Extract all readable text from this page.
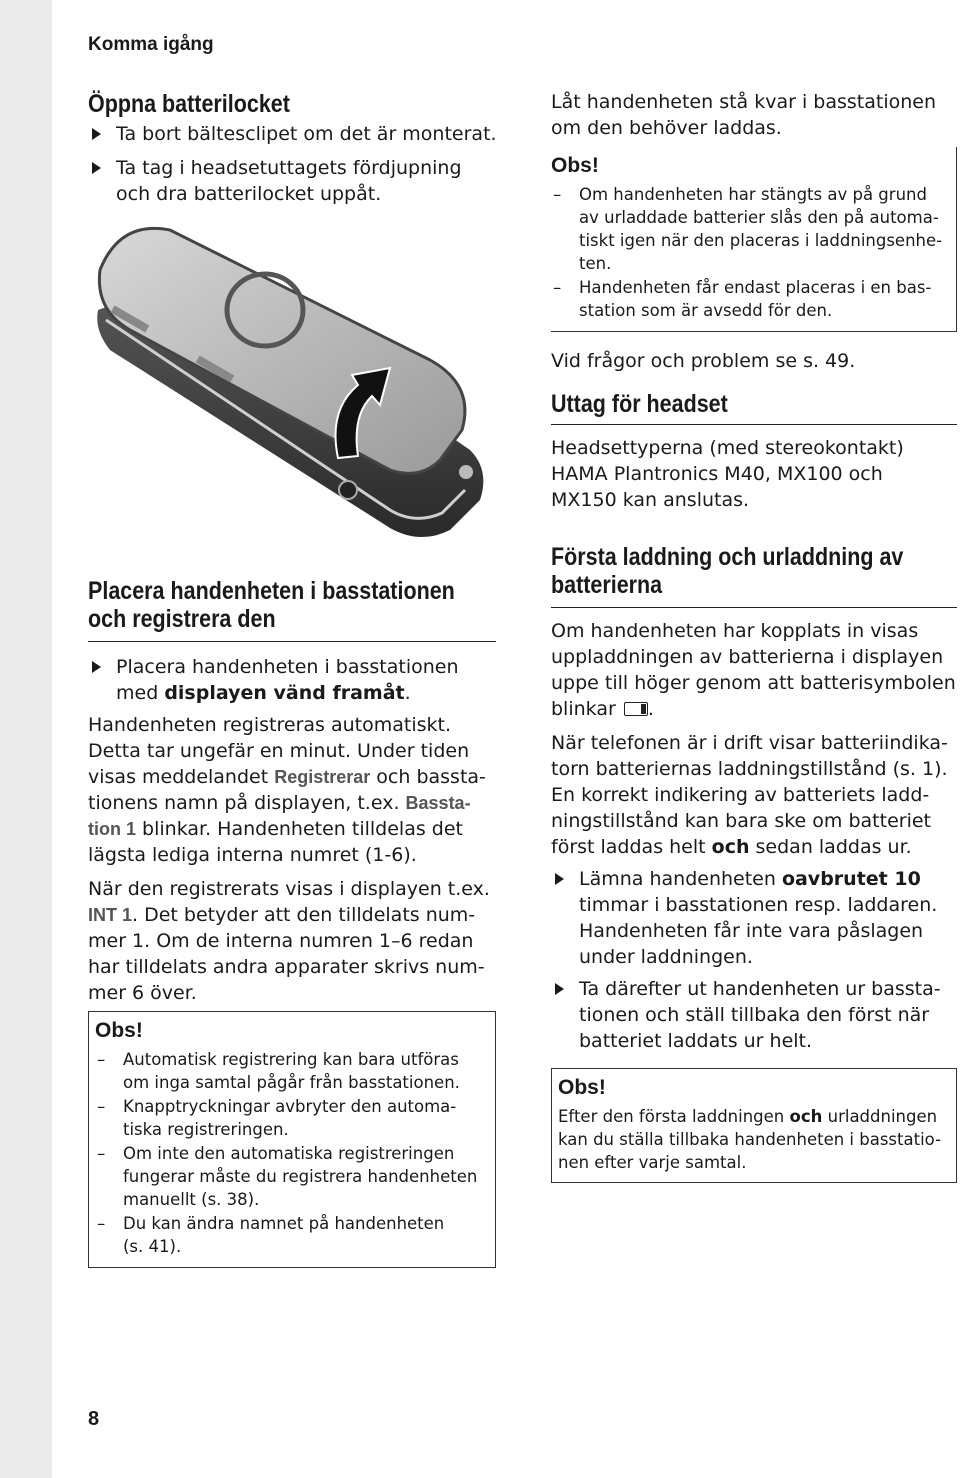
Komma igång
Öppna batterilocket
Ta bort bältesclipet om det är monterat.
Ta tag i headsetuttagets fördjupning
och dra batterilocket uppåt.
Placera handenheten i basstationen
och registrera den
Placera handenheten i basstationen
med displayen vänd framåt.
Handenheten registreras automatiskt.
Detta tar ungefär en minut. Under tiden
visas meddelandet Registrerar och bassta-
tionens namn på displayen, t.ex. Bassta-
tion 1 blinkar. Handenheten tilldelas det
lägsta lediga interna numret (1-6).
När den registrerats visas i displayen t.ex.
INT 1. Det betyder att den tilldelats num-
mer 1. Om de interna numren 1–6 redan
har tilldelats andra apparater skrivs num-
mer 6 över.
Obs!
– Automatisk registrering kan bara utföras
om inga samtal pågår från basstationen.
– Knapptryckningar avbryter den automa-
tiska registreringen.
– Om inte den automatiska registreringen
fungerar måste du registrera handenheten
manuellt (s. 38).
– Du kan ändra namnet på handenheten
(s. 41).
Låt handenheten stå kvar i basstationen
om den behöver laddas.
Obs!
– Om handenheten har stängts av på grund
av urladdade batterier slås den på automa-
tiskt igen när den placeras i laddningsenhe-
ten.
– Handenheten får endast placeras i en bas-
station som är avsedd för den.
Vid frågor och problem se s. 49.
Uttag för headset
Headsettyperna (med stereokontakt)
HAMA Plantronics M40, MX100 och
MX150 kan anslutas.
Första laddning och urladdning av
batterierna
Om handenheten har kopplats in visas
uppladdningen av batterierna i displayen
uppe till höger genom att batterisymbolen
blinkar .
När telefonen är i drift visar batteriindika-
torn batteriernas laddningstillstånd (s. 1).
En korrekt indikering av batteriets ladd-
ningstillstånd kan bara ske om batteriet
först laddas helt och sedan laddas ur.
Lämna handenheten oavbrutet 10
timmar i basstationen resp. laddaren.
Handenheten får inte vara påslagen
under laddningen.
Ta därefter ut handenheten ur bassta-
tionen och ställ tillbaka den först när
batteriet laddats ur helt.
Obs!
Efter den första laddningen och urladdningen
kan du ställa tillbaka handenheten i basstatio-
nen efter varje samtal.
8
